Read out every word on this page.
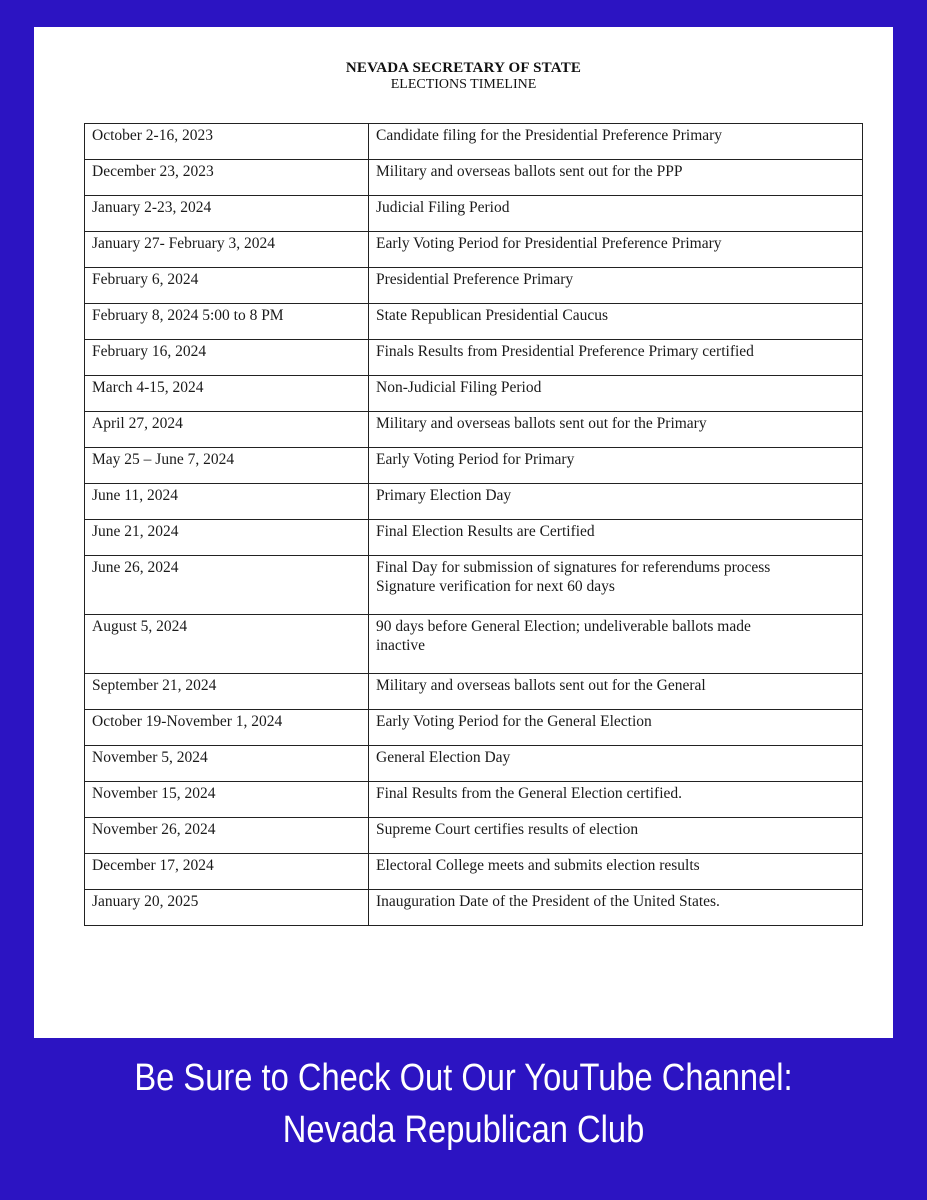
NEVADA SECRETARY OF STATE
ELECTIONS TIMELINE
October 2-16, 2023	Candidate filing for the Presidential Preference Primary
December 23, 2023	Military and overseas ballots sent out for the PPP
January 2-23, 2024	Judicial Filing Period
January 27- February 3, 2024	Early Voting Period for Presidential Preference Primary
February 6, 2024	Presidential Preference Primary
February 8, 2024 5:00 to 8 PM	State Republican Presidential Caucus
February 16, 2024	Finals Results from Presidential Preference Primary certified
March 4-15, 2024	Non-Judicial Filing Period
April 27, 2024	Military and overseas ballots sent out for the Primary
May 25 – June 7, 2024	Early Voting Period for Primary
June 11, 2024	Primary Election Day
June 21, 2024	Final Election Results are Certified
June 26, 2024	Final Day for submission of signatures for referendums process
Signature verification for next 60 days

August 5, 2024	90 days before General Election; undeliverable ballots made
inactive

September 21, 2024	Military and overseas ballots sent out for the General
October 19-November 1, 2024	Early Voting Period for the General Election
November 5, 2024	General Election Day
November 15, 2024	Final Results from the General Election certified.
November 26, 2024	Supreme Court certifies results of election
December 17, 2024	Electoral College meets and submits election results
January 20, 2025	Inauguration Date of the President of the United States.
Be Sure to Check Out Our YouTube Channel:
Nevada Republican Club
